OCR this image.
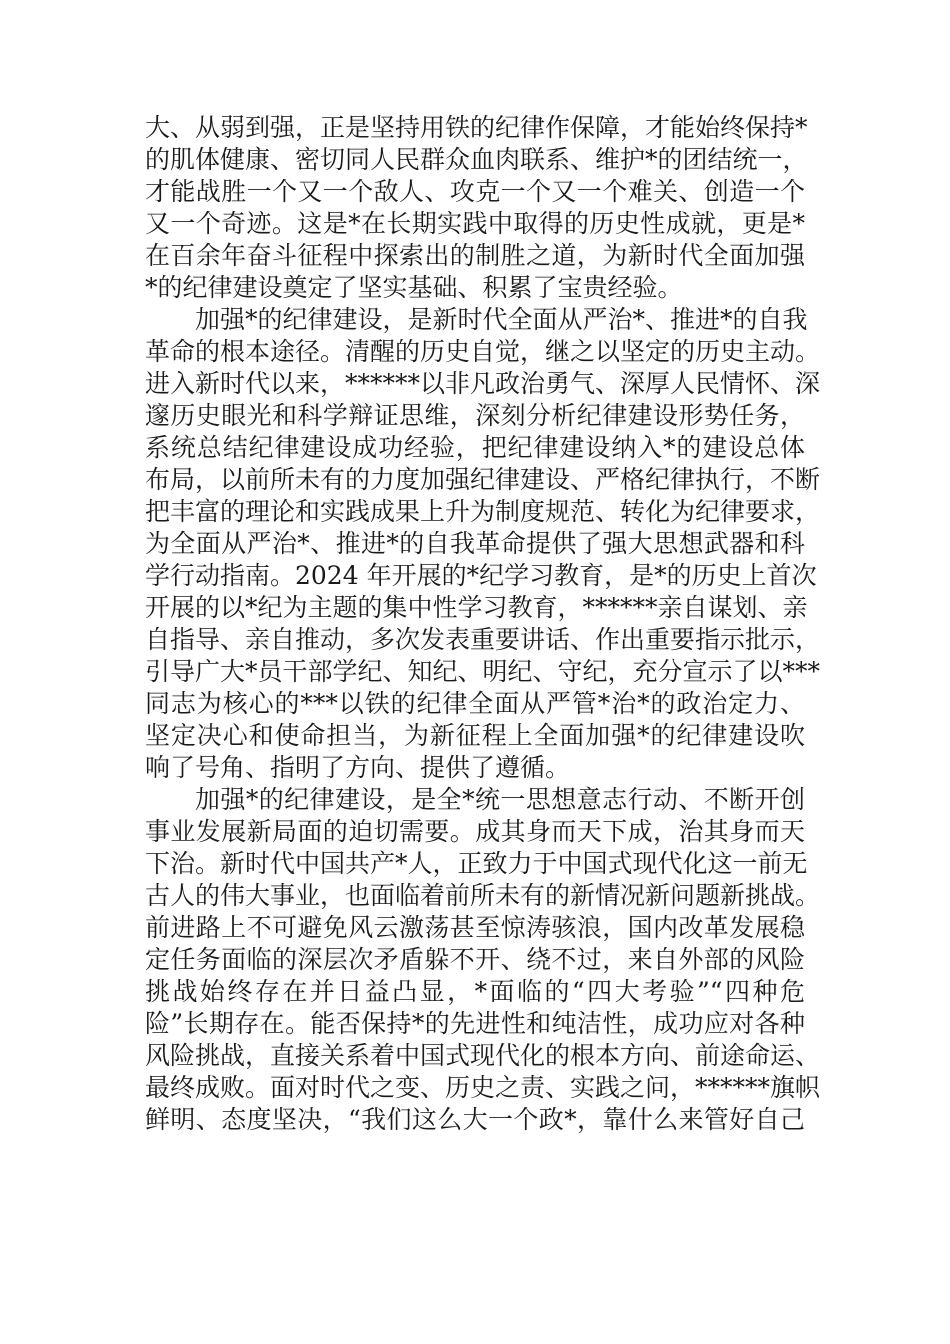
大、从弱到强，正是坚持用铁的纪律作保障，才能始终保持*
的肌体健康、密切同人民群众血肉联系、维护*的团结统一，
才能战胜一个又一个敌人、攻克一个又一个难关、创造一个
又一个奇迹。这是*在长期实践中取得的历史性成就，更是*
在百余年奋斗征程中探索出的制胜之道，为新时代全面加强
*的纪律建设奠定了坚实基础、积累了宝贵经验。
加强*的纪律建设，是新时代全面从严治*、推进*的自我
革命的根本途径。清醒的历史自觉，继之以坚定的历史主动。
进入新时代以来，******以非凡政治勇气、深厚人民情怀、深
邃历史眼光和科学辩证思维，深刻分析纪律建设形势任务，
系统总结纪律建设成功经验，把纪律建设纳入*的建设总体
布局，以前所未有的力度加强纪律建设、严格纪律执行，不断
把丰富的理论和实践成果上升为制度规范、转化为纪律要求，
为全面从严治*、推进*的自我革命提供了强大思想武器和科
学行动指南。2024 年开展的*纪学习教育，是*的历史上首次
开展的以*纪为主题的集中性学习教育，******亲自谋划、亲
自指导、亲自推动，多次发表重要讲话、作出重要指示批示，
引导广大*员干部学纪、知纪、明纪、守纪，充分宣示了以***
同志为核心的***以铁的纪律全面从严管*治*的政治定力、
坚定决心和使命担当，为新征程上全面加强*的纪律建设吹
响了号角、指明了方向、提供了遵循。
加强*的纪律建设，是全*统一思想意志行动、不断开创
事业发展新局面的迫切需要。成其身而天下成，治其身而天
下治。新时代中国共产*人，正致力于中国式现代化这一前无
古人的伟大事业，也面临着前所未有的新情况新问题新挑战。
前进路上不可避免风云激荡甚至惊涛骇浪，国内改革发展稳
定任务面临的深层次矛盾躲不开、绕不过，来自外部的风险
挑战始终存在并日益凸显，*面临的“四大考验”“四种危
险”长期存在。能否保持*的先进性和纯洁性，成功应对各种
风险挑战，直接关系着中国式现代化的根本方向、前途命运、
最终成败。面对时代之变、历史之责、实践之问，******旗帜
鲜明、态度坚决，“我们这么大一个政*，靠什么来管好自己
